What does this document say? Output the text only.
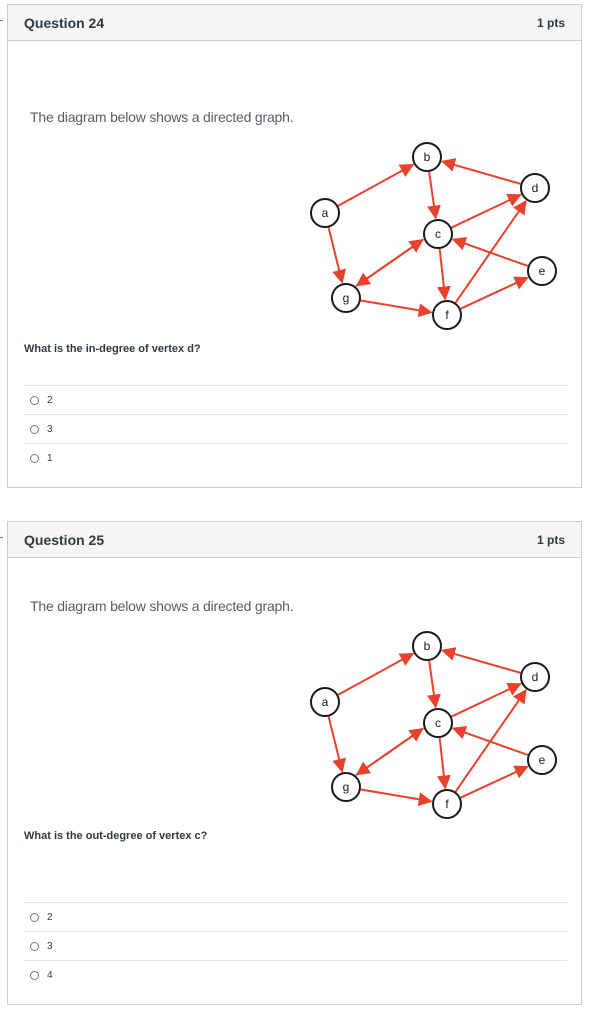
Question 24	1 pts
The diagram below shows a directed graph.
a
b
c
d
e
f
g
What is the in-degree of vertex d?
2
3
1
Question 25	1 pts
The diagram below shows a directed graph.
a
b
c
d
e
f
g
What is the out-degree of vertex c?
2
3
4
